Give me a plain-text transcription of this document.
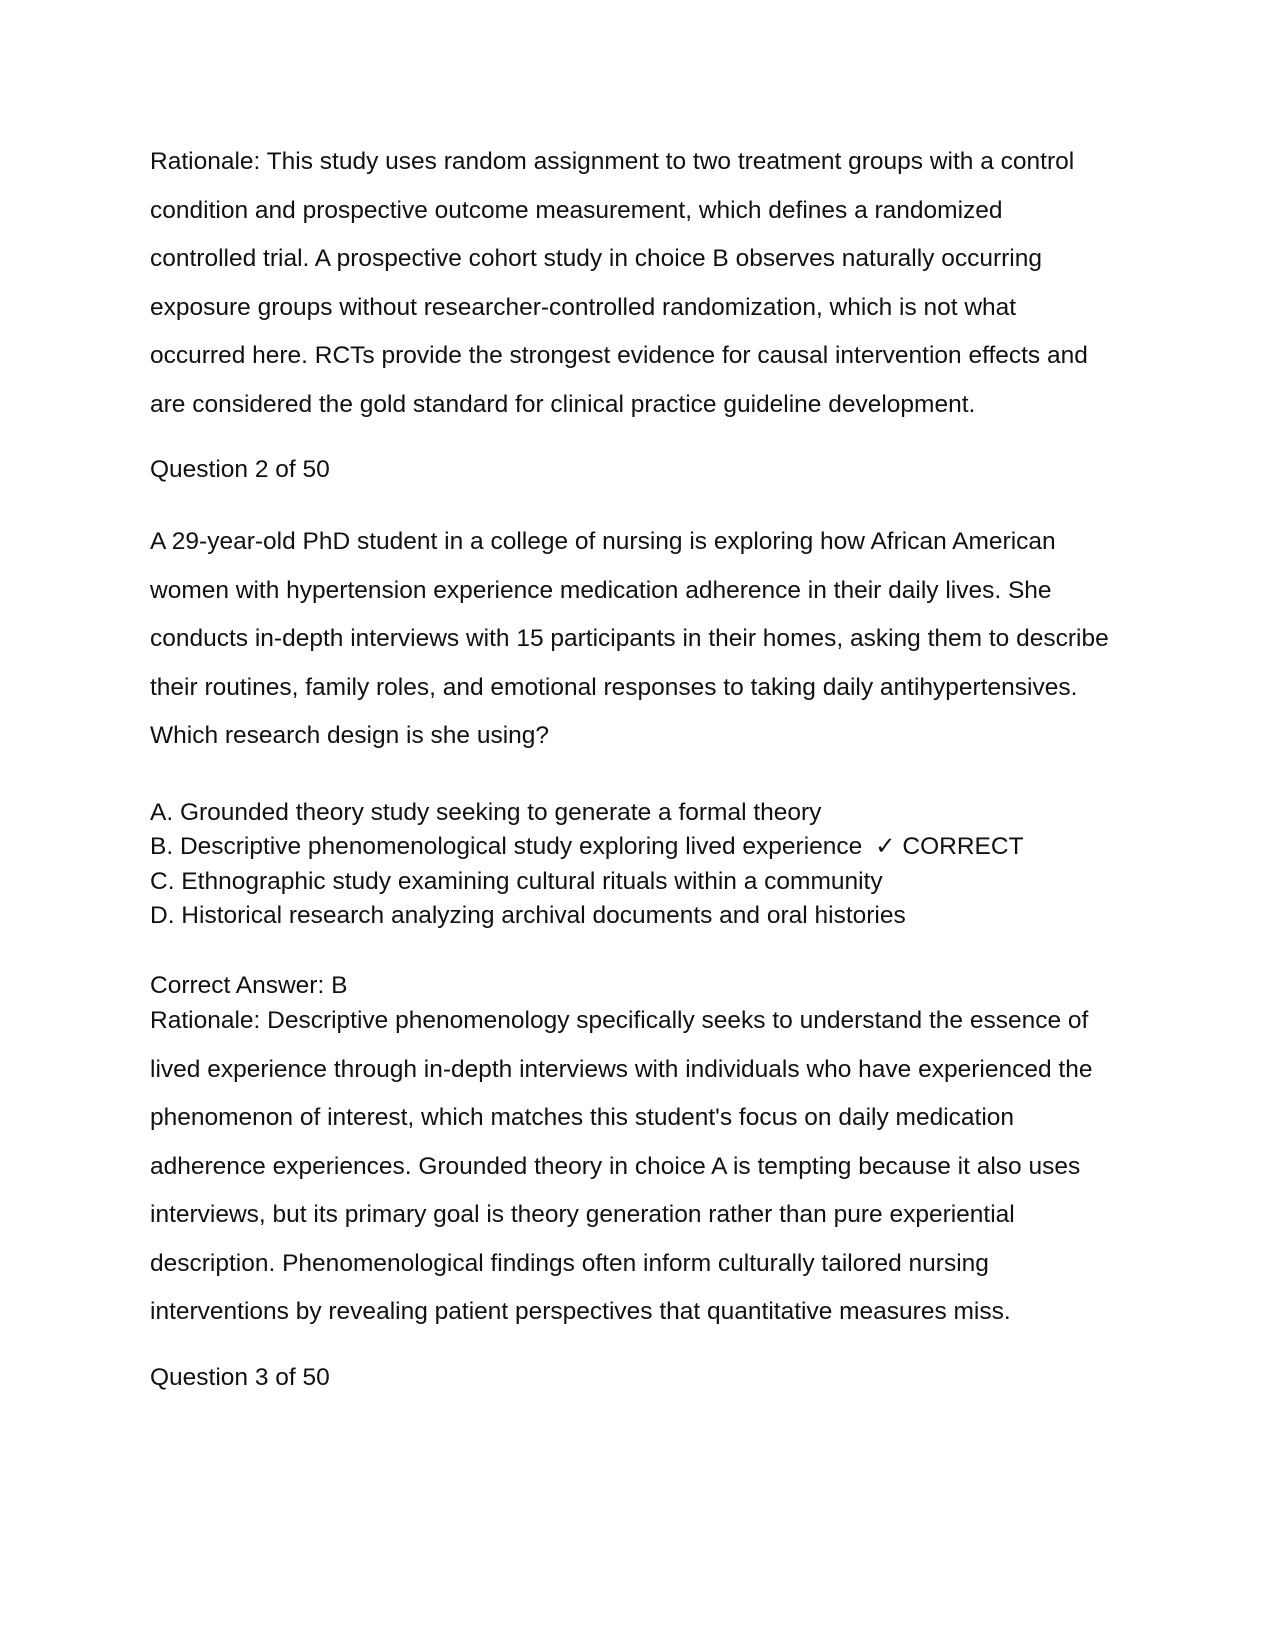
Rationale: This study uses random assignment to two treatment groups with a control condition and prospective outcome measurement, which defines a randomized controlled trial. A prospective cohort study in choice B observes naturally occurring exposure groups without researcher-controlled randomization, which is not what occurred here. RCTs provide the strongest evidence for causal intervention effects and are considered the gold standard for clinical practice guideline development.

Question 2 of 50

A 29-year-old PhD student in a college of nursing is exploring how African American women with hypertension experience medication adherence in their daily lives. She conducts in-depth interviews with 15 participants in their homes, asking them to describe their routines, family roles, and emotional responses to taking daily antihypertensives. Which research design is she using?

A. Grounded theory study seeking to generate a formal theory

B. Descriptive phenomenological study exploring lived experience ✓ CORRECT

C. Ethnographic study examining cultural rituals within a community

D. Historical research analyzing archival documents and oral histories

Correct Answer: B

Rationale: Descriptive phenomenology specifically seeks to understand the essence of lived experience through in-depth interviews with individuals who have experienced the phenomenon of interest, which matches this student's focus on daily medication adherence experiences. Grounded theory in choice A is tempting because it also uses interviews, but its primary goal is theory generation rather than pure experiential description. Phenomenological findings often inform culturally tailored nursing interventions by revealing patient perspectives that quantitative measures miss.

Question 3 of 50
